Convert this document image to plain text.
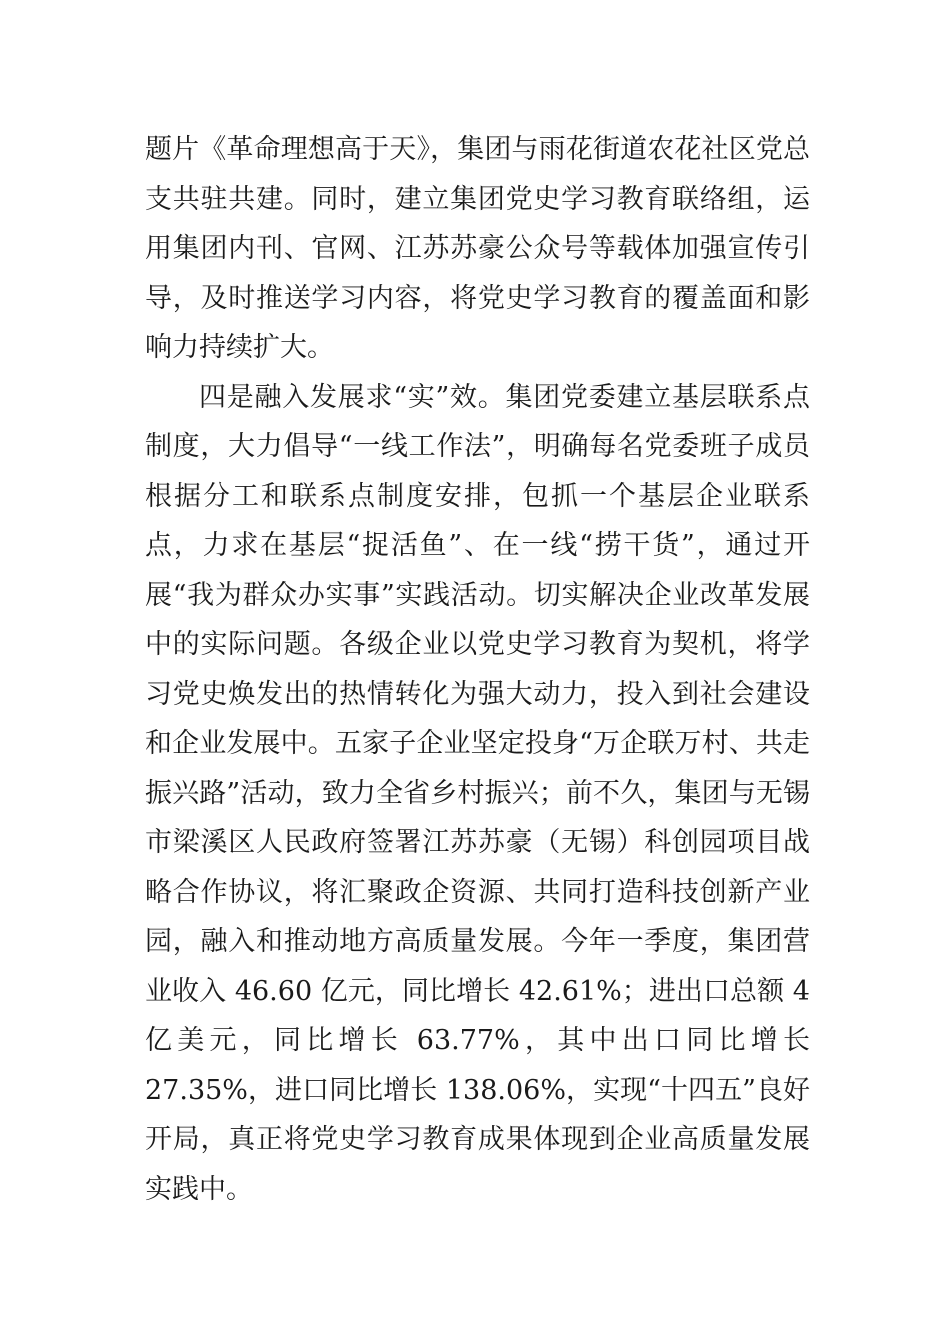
题片《革命理想高于天》，集团与雨花街道农花社区党总支共驻共建。同时，建立集团党史学习教育联络组，运用集团内刊、官网、江苏苏豪公众号等载体加强宣传引导，及时推送学习内容，将党史学习教育的覆盖面和影响力持续扩大。

四是融入发展求“实”效。集团党委建立基层联系点制度，大力倡导“一线工作法”，明确每名党委班子成员根据分工和联系点制度安排，包抓一个基层企业联系点，力求在基层“捉活鱼”、在一线“捞干货”，通过开展“我为群众办实事”实践活动。切实解决企业改革发展中的实际问题。各级企业以党史学习教育为契机，将学习党史焕发出的热情转化为强大动力，投入到社会建设和企业发展中。五家子企业坚定投身“万企联万村、共走振兴路”活动，致力全省乡村振兴；前不久，集团与无锡市梁溪区人民政府签署江苏苏豪（无锡）科创园项目战略合作协议，将汇聚政企资源、共同打造科技创新产业园，融入和推动地方高质量发展。今年一季度，集团营业收入 46.60 亿元，同比增长 42.61%；进出口总额 4 亿美元，同比增长 63.77%，其中出口同比增长 27.35%，进口同比增长 138.06%，实现“十四五”良好开局，真正将党史学习教育成果体现到企业高质量发展实践中。
